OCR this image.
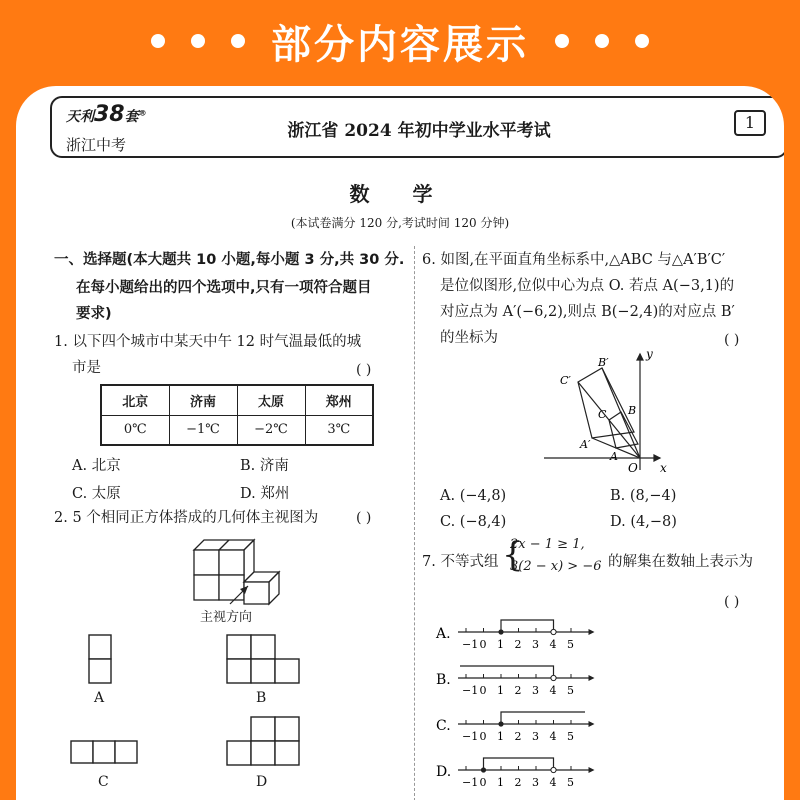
部分内容展示
天利38套®
浙江中考
浙江省 2024 年初中学业水平考试	1
数 学
(本试卷满分 120 分,考试时间 120 分钟)
一、选择题(本大题共 10 小题,每小题 3 分,共 30 分.
在每小题给出的四个选项中,只有一项符合题目
要求)
1. 以下四个城市中某天中午 12 时气温最低的城
市是	( )
北京	济南	太原	郑州
0℃	−1℃	−2℃	3℃
A. 北京	B. 济南
C. 太原	D. 郑州
2. 5 个相同正方体搭成的几何体主视图为	( )
主视方向
A	B
C	D
6. 如图,在平面直角坐标系中,△ABC 与△A′B′C′
是位似图形,位似中心为点 O. 若点 A(−3,1)的
对应点为 A′(−6,2),则点 B(−2,4)的对应点 B′
的坐标为	( )
y
x
O
A
B
C
A′
B′
C′
A. (−4,8)	B. (8,−4)
C. (−8,4)	D. (4,−8)
7. 不等式组 {
2x − 1 ≥ 1,
3(2 − x) > −6 的解集在数轴上表示为
( )
A.
−1 0 1 2 3 4 5
B.
−1 0 1 2 3 4 5
C.
−1 0 1 2 3 4 5
D.
−1 0 1 2 3 4 5
